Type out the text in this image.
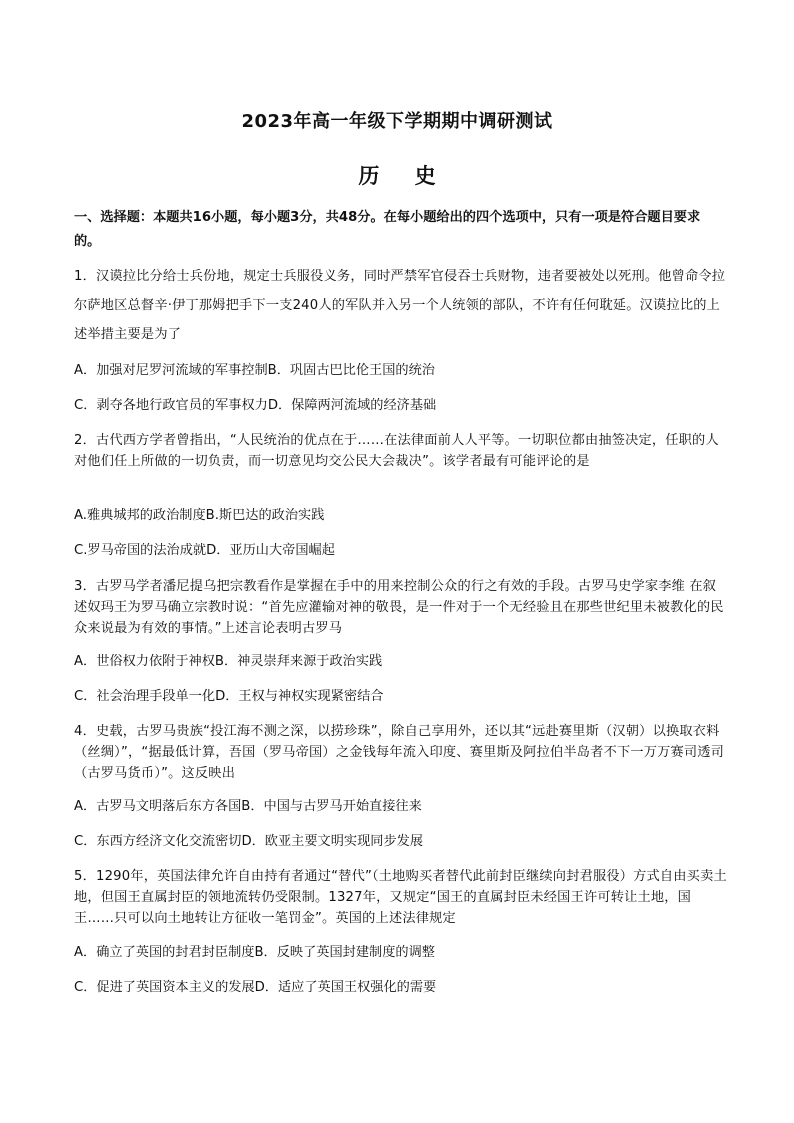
2023年高一年级下学期期中调研测试
历 史
一、选择题：本题共16小题，每小题3分，共48分。在每小题给出的四个选项中，只有一项是符合题目要求的。
1．汉谟拉比分给士兵份地，规定士兵服役义务，同时严禁军官侵吞士兵财物，违者要被处以死刑。他曾命令拉尔萨地区总督辛·伊丁那姆把手下一支240人的军队并入另一个人统领的部队，不许有任何耽延。汉谟拉比的上述举措主要是为了
A．加强对尼罗河流域的军事控制B．巩固古巴比伦王国的统治
C．剥夺各地行政官员的军事权力D．保障两河流域的经济基础
2．古代西方学者曾指出，“人民统治的优点在于……在法律面前人人平等。一切职位都由抽签决定，任职的人对他们任上所做的一切负责，而一切意见均交公民大会裁决”。该学者最有可能评论的是
A.雅典城邦的政治制度B.斯巴达的政治实践
C.罗马帝国的法治成就D．亚历山大帝国崛起
3．古罗马学者潘尼提乌把宗教看作是掌握在手中的用来控制公众的行之有效的手段。古罗马史学家李维 在叙述奴玛王为罗马确立宗教时说：“首先应灌输对神的敬畏，是一件对于一个无经验且在那些世纪里未被教化的民众来说最为有效的事情。”上述言论表明古罗马
A．世俗权力依附于神权B．神灵崇拜来源于政治实践
C．社会治理手段单一化D．王权与神权实现紧密结合
4．史载，古罗马贵族“投江海不测之深，以捞珍珠”，除自己享用外，还以其“远赴赛里斯（汉朝）以换取衣料（丝绸）”，“据最低计算，吾国（罗马帝国）之金钱每年流入印度、赛里斯及阿拉伯半岛者不下一万万赛司透司（古罗马货币）”。这反映出
A．古罗马文明落后东方各国B．中国与古罗马开始直接往来
C．东西方经济文化交流密切D．欧亚主要文明实现同步发展
5．1290年，英国法律允许自由持有者通过“替代”（土地购买者替代此前封臣继续向封君服役）方式自由买卖土地，但国王直属封臣的领地流转仍受限制。1327年，又规定“国王的直属封臣未经国王许可转让土地，国王……只可以向土地转让方征收一笔罚金”。英国的上述法律规定
A．确立了英国的封君封臣制度B．反映了英国封建制度的调整
C．促进了英国资本主义的发展D．适应了英国王权强化的需要
